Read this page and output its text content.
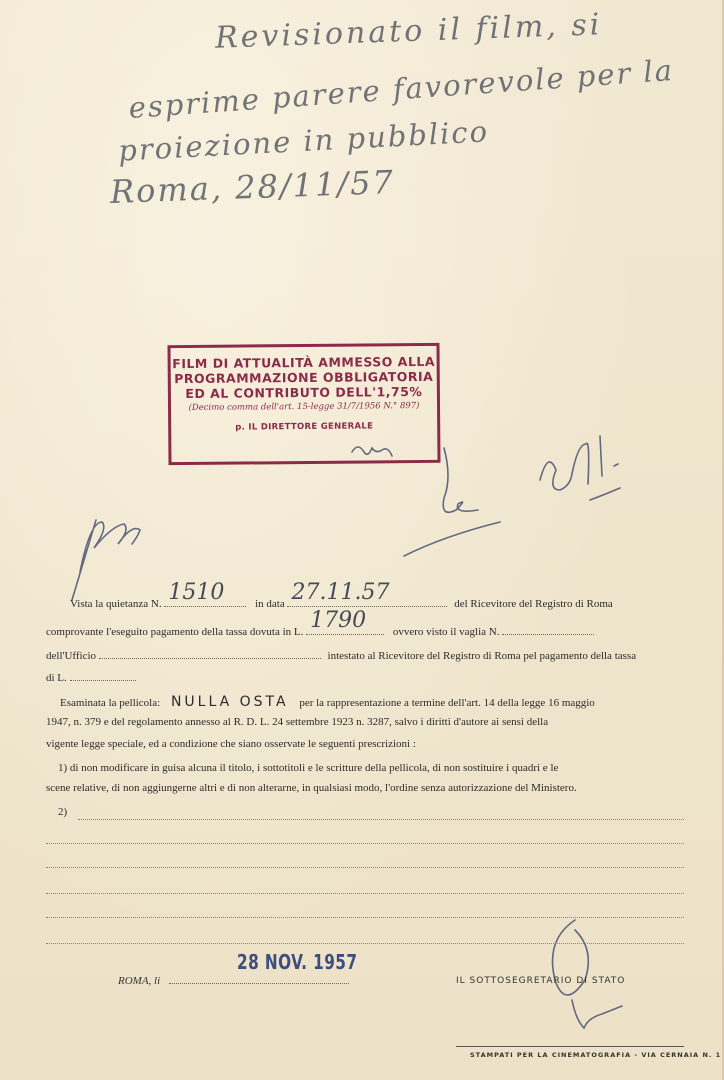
Revisionato il film, si
esprime parere favorevole per la
proiezione in pubblico
Roma, 28/11/57
FILM DI ATTUALITÀ AMMESSO ALLA
PROGRAMMAZIONE OBBLIGATORIA
ED AL CONTRIBUTO DELL'1,75%
(Decimo comma dell'art. 15-legge 31/7/1956 N.° 897)
p. IL DIRETTORE GENERALE
Vista la quietanza N. 1510	in data 27.11.57	del Ricevitore del Registro di Roma
comprovante l'eseguito pagamento della tassa dovuta in L. 1790 ovvero visto il vaglia N.
dell'Ufficio	intestato al Ricevitore del Registro di Roma pel pagamento della tassa
di L.
Esaminata la pellicola: NULLA OSTA per la rappresentazione a termine dell'art. 14 della legge 16 maggio
1947, n. 379 e del regolamento annesso al R. D. L. 24 settembre 1923 n. 3287, salvo i diritti d'autore ai sensi della
vigente legge speciale, ed a condizione che siano osservate le seguenti prescrizioni :
1) di non modificare in guisa alcuna il titolo, i sottotitoli e le scritture della pellicola, di non sostituire i quadri e le
scene relative, di non aggiungerne altri e di non alterarne, in qualsiasi modo, l'ordine senza autorizzazione del Ministero.
2)
28 NOV. 1957
ROMA, li	IL SOTTOSEGRETARIO DI STATO
STAMPATI PER LA CINEMATOGRAFIA - VIA CERNAIA N. 1
